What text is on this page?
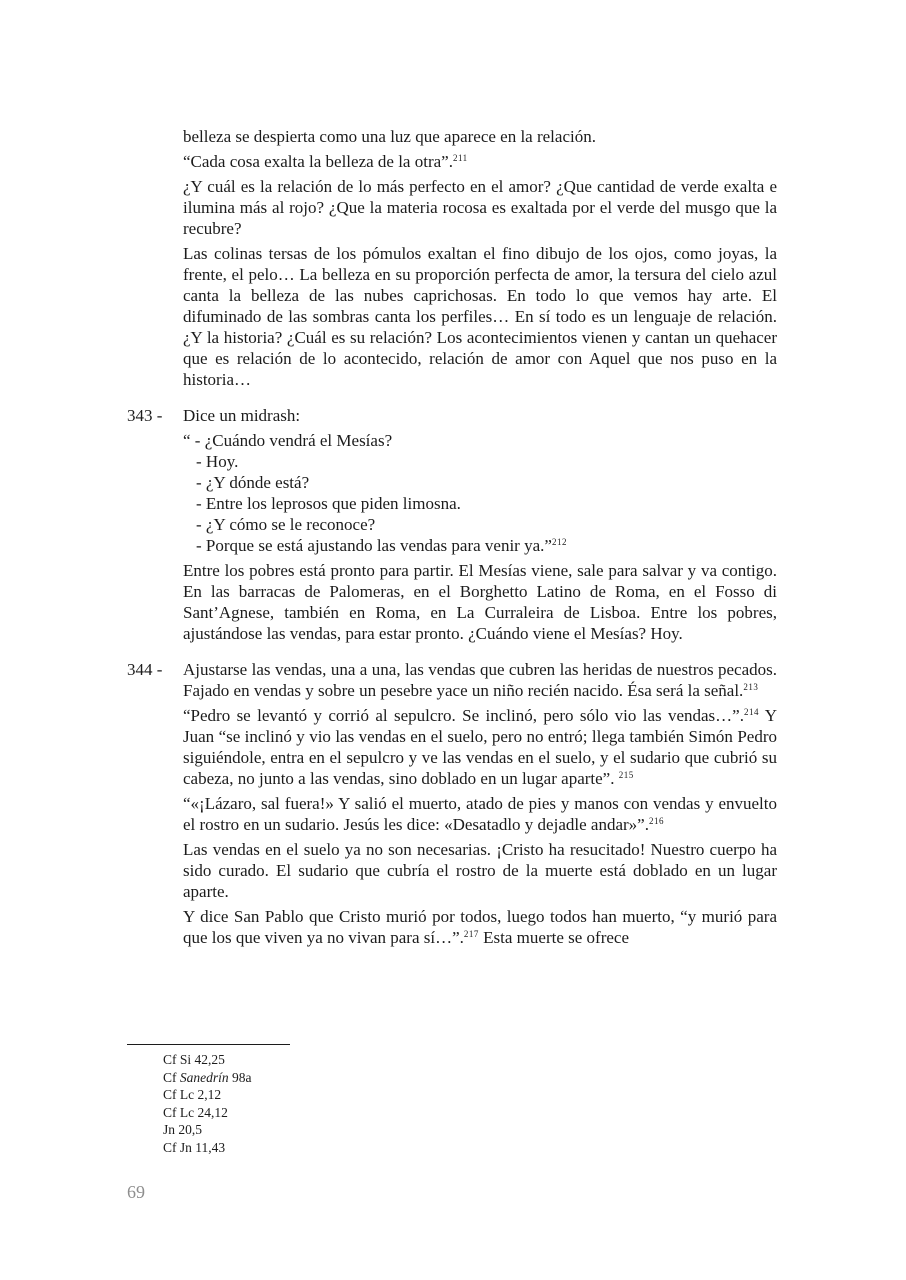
belleza se despierta como una luz que aparece en la relación.

“Cada cosa exalta la belleza de la otra”.$^{211}$

¿Y cuál es la relación de lo más perfecto en el amor? ¿Que cantidad de verde exalta e ilumina más al rojo? ¿Que la materia rocosa es exaltada por el verde del musgo que la recubre?

Las colinas tersas de los pómulos exaltan el fino dibujo de los ojos, como joyas, la frente, el pelo… La belleza en su proporción perfecta de amor, la tersura del cielo azul canta la belleza de las nubes caprichosas. En todo lo que vemos hay arte. El difuminado de las sombras canta los perfiles… En sí todo es un lenguaje de relación. ¿Y la historia? ¿Cuál es su relación? Los acontecimientos vienen y cantan un quehacer que es relación de lo acontecido, relación de amor con Aquel que nos puso en la historia…

343 -	Dice un midrash:

“ - ¿Cuándo vendrá el Mesías?
- Hoy.
- ¿Y dónde está?
- Entre los leprosos que piden limosna.
- ¿Y cómo se le reconoce?
- Porque se está ajustando las vendas para venir ya.”$^{212}$

Entre los pobres está pronto para partir. El Mesías viene, sale para salvar y va contigo. En las barracas de Palomeras, en el Borghetto Latino de Roma, en el Fosso di Sant’Agnese, también en Roma, en La Curraleira de Lisboa. Entre los pobres, ajustándose las vendas, para estar pronto. ¿Cuándo viene el Mesías? Hoy.

344 -	Ajustarse las vendas, una a una, las vendas que cubren las heridas de nuestros pecados. Fajado en vendas y sobre un pesebre yace un niño recién nacido. Ésa será la señal.$^{213}$

“Pedro se levantó y corrió al sepulcro. Se inclinó, pero sólo vio las vendas…”.$^{214}$ Y Juan “se inclinó y vio las vendas en el suelo, pero no entró; llega también Simón Pedro siguiéndole, entra en el sepulcro y ve las vendas en el suelo, y el sudario que cubrió su cabeza, no junto a las vendas, sino doblado en un lugar aparte”. $^{215}$

“«¡Lázaro, sal fuera!» Y salió el muerto, atado de pies y manos con vendas y envuelto el rostro en un sudario. Jesús les dice: «Desatadlo y dejadle andar»”.$^{216}$

Las vendas en el suelo ya no son necesarias. ¡Cristo ha resucitado! Nuestro cuerpo ha sido curado. El sudario que cubría el rostro de la muerte está doblado en un lugar aparte.

Y dice San Pablo que Cristo murió por todos, luego todos han muerto, “y murió para que los que viven ya no vivan para sí…”.$^{217}$ Esta muerte se ofrece

Cf Si 42,25
Cf Sanedrín 98a
Cf Lc 2,12
Cf Lc 24,12
Jn 20,5
Cf Jn 11,43
69
